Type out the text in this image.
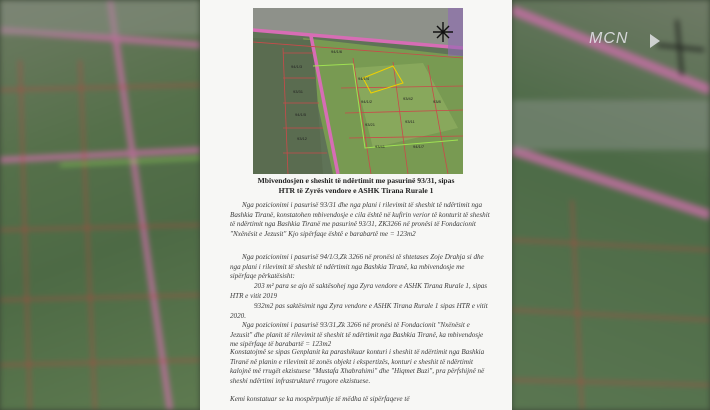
MCN
94/1/3
93/31
94/1/5
93/12
94/1/4
94/1/2
93/21
93/42
93/11
93/8
94/1/6
93/41	94/1/7
Mbivendosjen e sheshit të ndërtimit me pasurinë 93/31, sipas
HTR të Zyrës vendore e ASHK Tirana Rurale 1

Nga pozicionimi i pasurisë 93/31 dhe nga plani i rilevimit të sheshit të ndërtimit nga Bashkia Tiranë, konstatohen mbivendosje e cila është në kufirin verior të konturit të sheshit të ndërtimit nga Bashkia Tiranë me pasurinë 93/31, ZK3266 në pronësi të Fondacionit "Nxënësit e Jezusit" Kjo sipërfaqe është e barabartë me = 123m2

Nga pozicionimi i pasurisë 94/1/3,Zk 3266 në pronësi të shtetases Zoje Drahja si dhe nga plani i rilevimit të sheshit të ndërtimit nga Bashkia Tiranë, ka mbivendosje me sipërfaqe përkatësisht:

203 m² para se ajo të saktësohej nga Zyra vendore e ASHK Tirana Rurale 1, sipas HTR e vitit 2019

932m2 pas saktësimit nga Zyra vendore e ASHK Tirana Rurale 1 sipas HTR e vitit 2020.

Nga pozicionimi i pasurisë 93/31,Zk 3266 në pronësi të Fondacionit "Nxënësit e Jezusit" dhe planit të rilevimit të sheshit të ndërtimit nga Bashkia Tiranë, ka mbivendosje me sipërfaqe të barabartë = 123m2

Konstatojmë se sipas Genplanit ka parashikuar konturi i sheshit të ndërtimit nga Bashkia Tiranë në planin e rilevimit të zonës objekt i ekspertizës, konturi e sheshit të ndërtimit kalojnë më rrugët ekzistuese "Mustafa Xhabrahimi" dhe "Hiqmet Buzi", pra përfshijnë në sheshi ndërtimi infrastrukturë rrugore ekzistuese.

Kemi konstatuar se ka mospërputhje të mëdha të sipërfaqeve të
